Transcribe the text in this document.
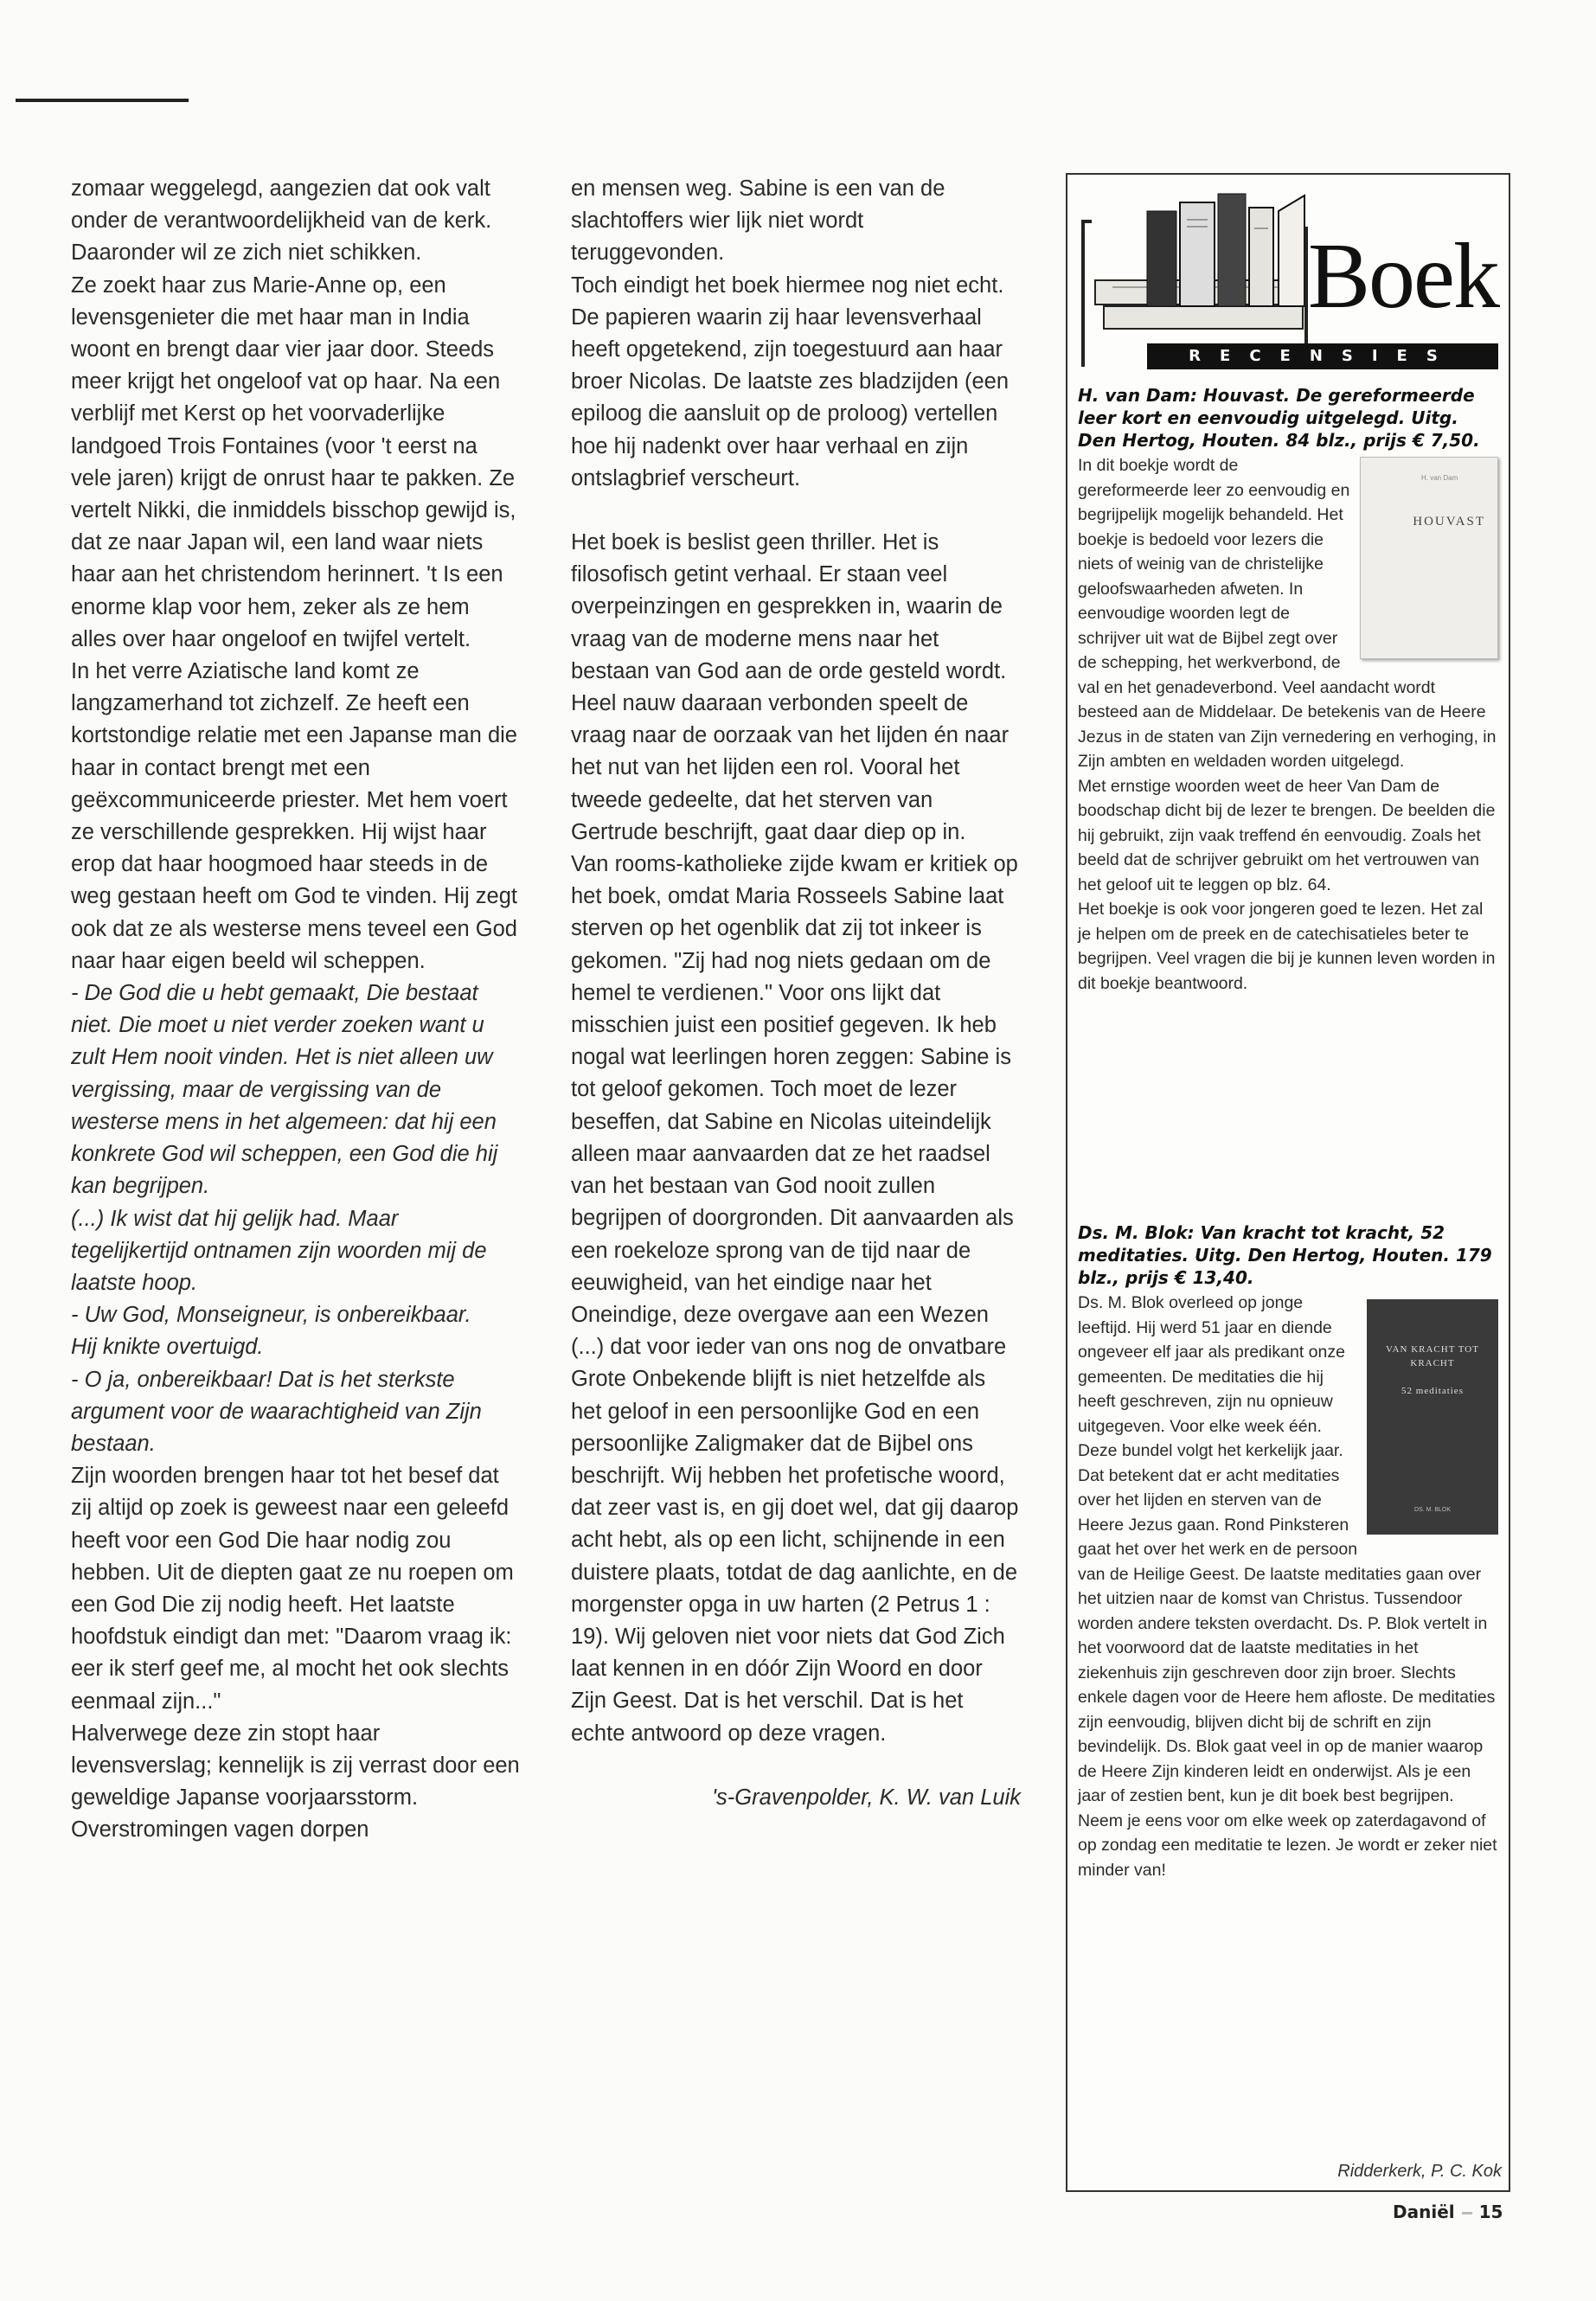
zomaar weggelegd, aangezien dat ook valt onder de verantwoordelijkheid van de kerk. Daaronder wil ze zich niet schikken.

Ze zoekt haar zus Marie-Anne op, een levensgenieter die met haar man in India woont en brengt daar vier jaar door. Steeds meer krijgt het ongeloof vat op haar. Na een verblijf met Kerst op het voorvaderlijke landgoed Trois Fontaines (voor 't eerst na vele jaren) krijgt de onrust haar te pakken. Ze vertelt Nikki, die inmiddels bisschop gewijd is, dat ze naar Japan wil, een land waar niets haar aan het christendom herinnert. 't Is een enorme klap voor hem, zeker als ze hem alles over haar ongeloof en twijfel vertelt.

In het verre Aziatische land komt ze langzamerhand tot zichzelf. Ze heeft een kortstondige relatie met een Japanse man die haar in contact brengt met een geëxcommuniceerde priester. Met hem voert ze verschillende gesprekken. Hij wijst haar erop dat haar hoogmoed haar steeds in de weg gestaan heeft om God te vinden. Hij zegt ook dat ze als westerse mens teveel een God naar haar eigen beeld wil scheppen.

- De God die u hebt gemaakt, Die bestaat niet. Die moet u niet verder zoeken want u zult Hem nooit vinden. Het is niet alleen uw vergissing, maar de vergissing van de westerse mens in het algemeen: dat hij een konkrete God wil scheppen, een God die hij kan begrijpen.

(...) Ik wist dat hij gelijk had. Maar tegelijkertijd ontnamen zijn woorden mij de laatste hoop.

- Uw God, Monseigneur, is onbereikbaar.

Hij knikte overtuigd.

- O ja, onbereikbaar! Dat is het sterkste argument voor de waarachtigheid van Zijn bestaan.

Zijn woorden brengen haar tot het besef dat zij altijd op zoek is geweest naar een geleefd heeft voor een God Die haar nodig zou hebben. Uit de diepten gaat ze nu roepen om een God Die zij nodig heeft. Het laatste hoofdstuk eindigt dan met: "Daarom vraag ik: eer ik sterf geef me, al mocht het ook slechts eenmaal zijn..."

Halverwege deze zin stopt haar levensverslag; kennelijk is zij verrast door een geweldige Japanse voorjaarsstorm. Overstromingen vagen dorpen

en mensen weg. Sabine is een van de slachtoffers wier lijk niet wordt teruggevonden.

Toch eindigt het boek hiermee nog niet echt. De papieren waarin zij haar levensverhaal heeft opgetekend, zijn toegestuurd aan haar broer Nicolas. De laatste zes bladzijden (een epiloog die aansluit op de proloog) vertellen hoe hij nadenkt over haar verhaal en zijn ontslagbrief verscheurt.

Het boek is beslist geen thriller. Het is filosofisch getint verhaal. Er staan veel overpeinzingen en gesprekken in, waarin de vraag van de moderne mens naar het bestaan van God aan de orde gesteld wordt. Heel nauw daaraan verbonden speelt de vraag naar de oorzaak van het lijden én naar het nut van het lijden een rol. Vooral het tweede gedeelte, dat het sterven van Gertrude beschrijft, gaat daar diep op in.

Van rooms-katholieke zijde kwam er kritiek op het boek, omdat Maria Rosseels Sabine laat sterven op het ogenblik dat zij tot inkeer is gekomen. "Zij had nog niets gedaan om de hemel te verdienen." Voor ons lijkt dat misschien juist een positief gegeven. Ik heb nogal wat leerlingen horen zeggen: Sabine is tot geloof gekomen. Toch moet de lezer beseffen, dat Sabine en Nicolas uiteindelijk alleen maar aanvaarden dat ze het raadsel van het bestaan van God nooit zullen begrijpen of doorgronden. Dit aanvaarden als een roekeloze sprong van de tijd naar de eeuwigheid, van het eindige naar het Oneindige, deze overgave aan een Wezen (...) dat voor ieder van ons nog de onvatbare Grote Onbekende blijft is niet hetzelfde als het geloof in een persoonlijke God en een persoonlijke Zaligmaker dat de Bijbel ons beschrijft. Wij hebben het profetische woord, dat zeer vast is, en gij doet wel, dat gij daarop acht hebt, als op een licht, schijnende in een duistere plaats, totdat de dag aanlichte, en de morgenster opga in uw harten (2 Petrus 1 : 19). Wij geloven niet voor niets dat God Zich laat kennen in en dóór Zijn Woord en door Zijn Geest. Dat is het verschil. Dat is het echte antwoord op deze vragen.

's-Gravenpolder, K. W. van Luik

Boek
RECENSIES

H. van Dam: Houvast. De gereformeerde leer kort en eenvoudig uitgelegd. Uitg. Den Hertog, Houten. 84 blz., prijs € 7,50.

H. van Dam
HOUVAST

In dit boekje wordt de gereformeerde leer zo eenvoudig en begrijpelijk mogelijk behandeld. Het boekje is bedoeld voor lezers die niets of weinig van de christelijke geloofswaarheden afweten. In eenvoudige woorden legt de schrijver uit wat de Bijbel zegt over de schepping, het werkverbond, de val en het genadeverbond. Veel aandacht wordt besteed aan de Middelaar. De betekenis van de Heere Jezus in de staten van Zijn vernedering en verhoging, in Zijn ambten en weldaden worden uitgelegd.

Met ernstige woorden weet de heer Van Dam de boodschap dicht bij de lezer te brengen. De beelden die hij gebruikt, zijn vaak treffend én eenvoudig. Zoals het beeld dat de schrijver gebruikt om het vertrouwen van het geloof uit te leggen op blz. 64.

Het boekje is ook voor jongeren goed te lezen. Het zal je helpen om de preek en de catechisatieles beter te begrijpen. Veel vragen die bij je kunnen leven worden in dit boekje beantwoord.

Ds. M. Blok: Van kracht tot kracht, 52 meditaties. Uitg. Den Hertog, Houten. 179 blz., prijs € 13,40.

VAN KRACHT TOT KRACHT

52 meditaties
DS. M. BLOK

Ds. M. Blok overleed op jonge leeftijd. Hij werd 51 jaar en diende ongeveer elf jaar als predikant onze gemeenten. De meditaties die hij heeft geschreven, zijn nu opnieuw uitgegeven. Voor elke week één. Deze bundel volgt het kerkelijk jaar. Dat betekent dat er acht meditaties over het lijden en sterven van de Heere Jezus gaan. Rond Pinksteren gaat het over het werk en de persoon van de Heilige Geest. De laatste meditaties gaan over het uitzien naar de komst van Christus. Tussendoor worden andere teksten overdacht. Ds. P. Blok vertelt in het voorwoord dat de laatste meditaties in het ziekenhuis zijn geschreven door zijn broer. Slechts enkele dagen voor de Heere hem afloste. De meditaties zijn eenvoudig, blijven dicht bij de schrift en zijn bevindelijk. Ds. Blok gaat veel in op de manier waarop de Heere Zijn kinderen leidt en onderwijst. Als je een jaar of zestien bent, kun je dit boek best begrijpen. Neem je eens voor om elke week op zaterdagavond of op zondag een meditatie te lezen. Je wordt er zeker niet minder van!

Ridderkerk, P. C. Kok
Daniël 15
